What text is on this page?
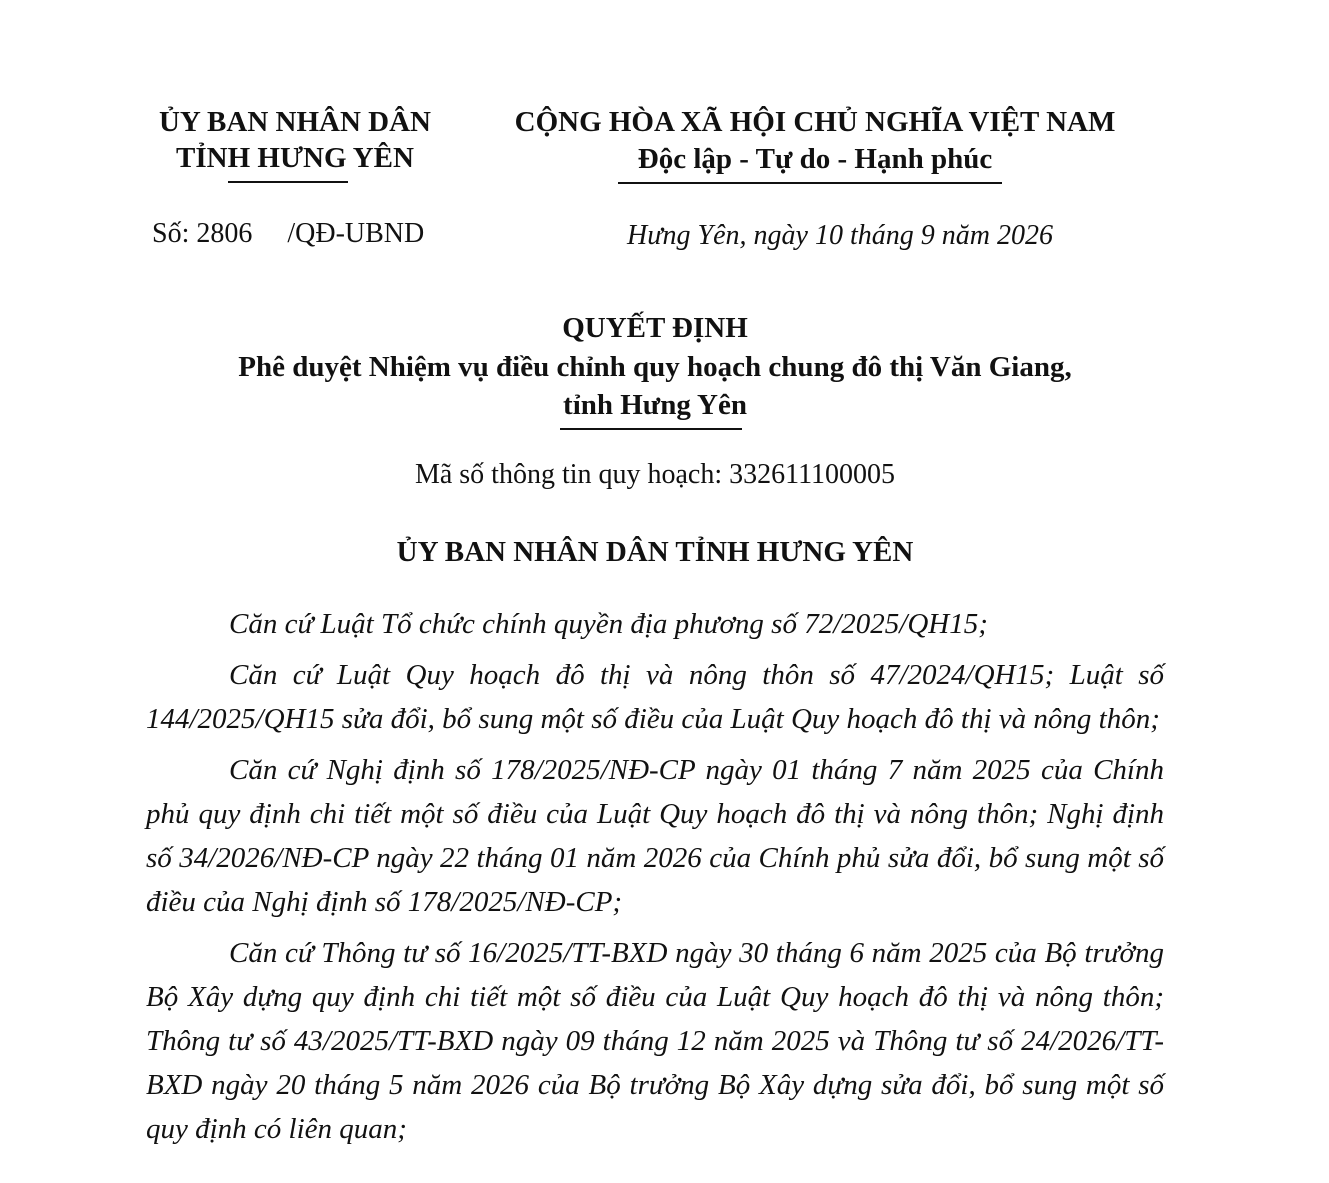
ỦY BAN NHÂN DÂN
TỈNH HƯNG YÊN
CỘNG HÒA XÃ HỘI CHỦ NGHĨA VIỆT NAM
Độc lập - Tự do - Hạnh phúc
Số: 2806     /QĐ-UBND	Hưng Yên, ngày 10 tháng 9 năm 2026
QUYẾT ĐỊNH
Phê duyệt Nhiệm vụ điều chỉnh quy hoạch chung đô thị Văn Giang,
tỉnh Hưng Yên
Mã số thông tin quy hoạch: 332611100005
ỦY BAN NHÂN DÂN TỈNH HƯNG YÊN

Căn cứ Luật Tổ chức chính quyền địa phương số 72/2025/QH15;

Căn cứ Luật Quy hoạch đô thị và nông thôn số 47/2024/QH15; Luật số 144/2025/QH15 sửa đổi, bổ sung một số điều của Luật Quy hoạch đô thị và nông thôn;

Căn cứ Nghị định số 178/2025/NĐ-CP ngày 01 tháng 7 năm 2025 của Chính phủ quy định chi tiết một số điều của Luật Quy hoạch đô thị và nông thôn; Nghị định số 34/2026/NĐ-CP ngày 22 tháng 01 năm 2026 của Chính phủ sửa đổi, bổ sung một số điều của Nghị định số 178/2025/NĐ-CP;

Căn cứ Thông tư số 16/2025/TT-BXD ngày 30 tháng 6 năm 2025 của Bộ trưởng Bộ Xây dựng quy định chi tiết một số điều của Luật Quy hoạch đô thị và nông thôn; Thông tư số 43/2025/TT-BXD ngày 09 tháng 12 năm 2025 và Thông tư số 24/2026/TT-BXD ngày 20 tháng 5 năm 2026 của Bộ trưởng Bộ Xây dựng sửa đổi, bổ sung một số quy định có liên quan;
